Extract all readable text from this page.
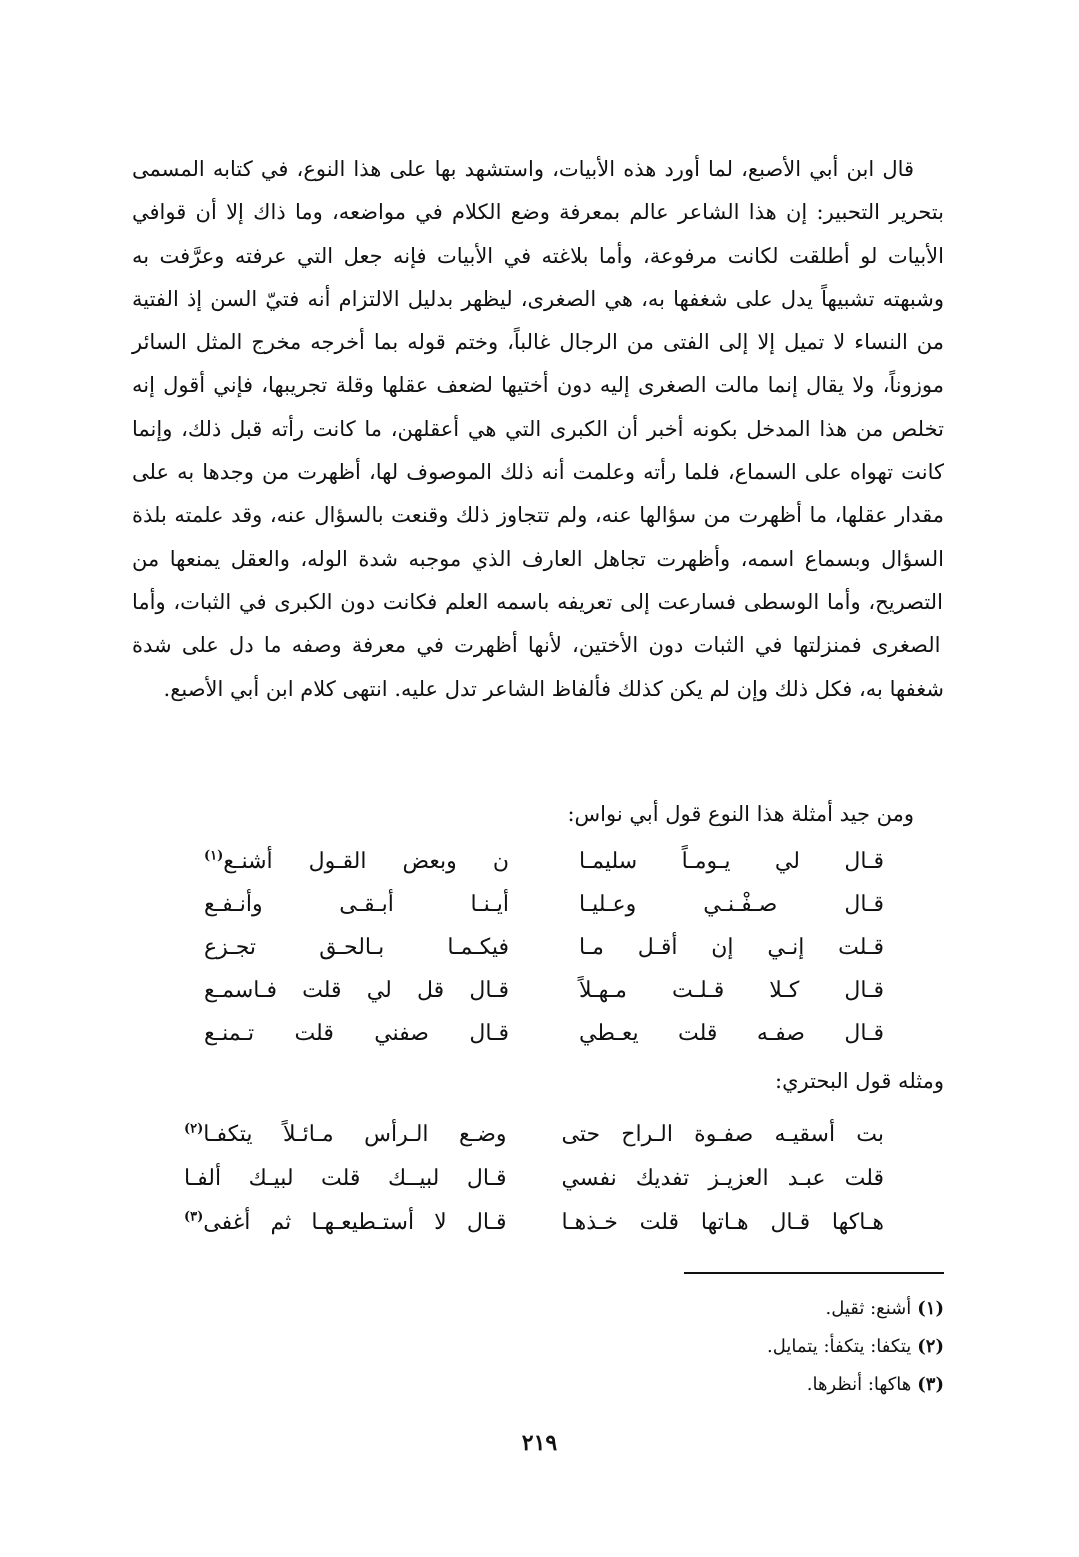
قال ابن أبي الأصبع، لما أورد هذه الأبيات، واستشهد بها على هذا النوع، في كتابه المسمى بتحرير التحبير: إن هذا الشاعر عالم بمعرفة وضع الكلام في مواضعه، وما ذاك إلا أن قوافي الأبيات لو أطلقت لكانت مرفوعة، وأما بلاغته في الأبيات فإنه جعل التي عرفته وعرَّفت به وشبهته تشبيهاً يدل على شغفها به، هي الصغرى، ليظهر بدليل الالتزام أنه فتيّ السن إذ الفتية من النساء لا تميل إلا إلى الفتى من الرجال غالباً، وختم قوله بما أخرجه مخرج المثل السائر موزوناً، ولا يقال إنما مالت الصغرى إليه دون أختيها لضعف عقلها وقلة تجريبها، فإني أقول إنه تخلص من هذا المدخل بكونه أخبر أن الكبرى التي هي أعقلهن، ما كانت رأته قبل ذلك، وإنما كانت تهواه على السماع، فلما رأته وعلمت أنه ذلك الموصوف لها، أظهرت من وجدها به على مقدار عقلها، ما أظهرت من سؤالها عنه، ولم تتجاوز ذلك وقنعت بالسؤال عنه، وقد علمته بلذة السؤال وبسماع اسمه، وأظهرت تجاهل العارف الذي موجبه شدة الوله، والعقل يمنعها من التصريح، وأما الوسطى فسارعت إلى تعريفه باسمه العلم فكانت دون الكبرى في الثبات، وأما الصغرى فمنزلتها في الثبات دون الأختين، لأنها أظهرت في معرفة وصفه ما دل على شدة شغفها به، فكل ذلك وإن لم يكن كذلك فألفاظ الشاعر تدل عليه. انتهى كلام ابن أبي الأصبع.

ومن جيد أمثلة هذا النوع قول أبي نواس:

قـال لي يـومـاً سليمـا
ن وبعض القـول أشنـع$^{(١)}$
قـال صـفْـنـي وعـليـا
أيـنـا أبـقـى وأنـفـع
قـلت إنـي إن أقـل مـا
فيكـمـا بـالحـق تجـزع
قـال كـلا قـلـت مـهـلاً
قـال قل لي قلت فـاسمـع
قـال صفـه قلت يعـطي
قـال صفني قلت تـمنـع

ومثله قول البحتري:

بت أسقيـه صفـوة الـراح حتى
وضـع الـرأس مـائـلاً يتكفـا$^{(٢)}$
قلت عبـد العزيـز تفديك نفسي
قـال لبيــك قلت لبيـك ألفـا
هـاكها قـال هـاتها قلت خـذهـا
قـال لا أستـطيعـهـا ثم أغفى$^{(٣)}$

(١)أشنع: ثقيل.

(٢)يتكفا: يتكفأ: يتمايل.

(٣)هاكها: أنظرها.

٢١٩
